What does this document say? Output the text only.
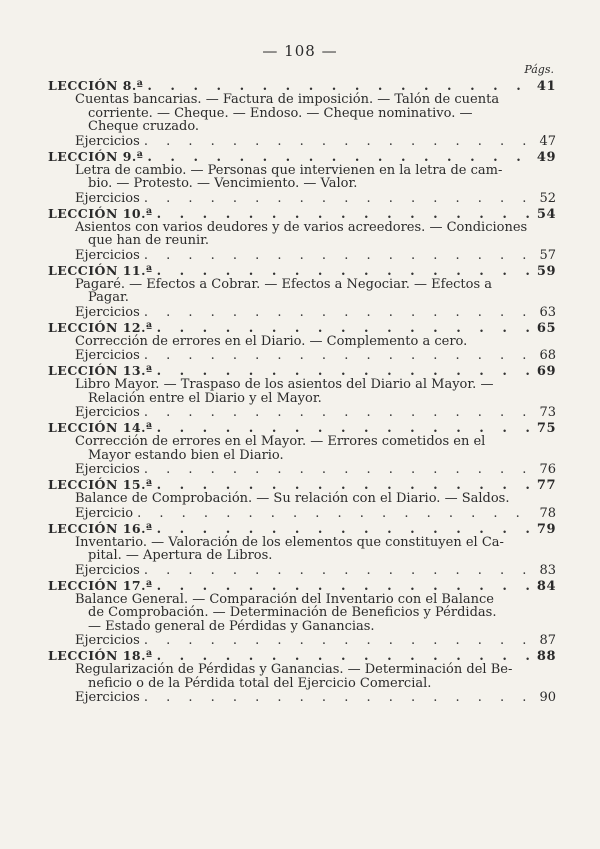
— 108 —
Págs.
LECCIÓN 8.ª . . .	41
Cuentas bancarias. — Factura de imposición. — Talón de cuenta
corriente. — Cheque. — Endoso. — Cheque nominativo. —
Cheque cruzado.
Ejercicios . . .	47
LECCIÓN 9.ª . . .	49
Letra de cambio. — Personas que intervienen en la letra de cam-
bio. — Protesto. — Vencimiento. — Valor.
Ejercicios . . .	52
LECCIÓN 10.ª . . .	54
Asientos con varios deudores y de varios acreedores. — Condiciones
que han de reunir.
Ejercicios . . .	57
LECCIÓN 11.ª . . .	59
Pagaré. — Efectos a Cobrar. — Efectos a Negociar. — Efectos a
Pagar.
Ejercicios . . .	63
LECCIÓN 12.ª . . .	65
Corrección de errores en el Diario. — Complemento a cero.
Ejercicios . . .	68
LECCIÓN 13.ª . . .	69
Libro Mayor. — Traspaso de los asientos del Diario al Mayor. —
Relación entre el Diario y el Mayor.
Ejercicios . . .	73
LECCIÓN 14.ª . . .	75
Corrección de errores en el Mayor. — Errores cometidos en el
Mayor estando bien el Diario.
Ejercicios . . .	76
LECCIÓN 15.ª . . .	77
Balance de Comprobación. — Su relación con el Diario. — Saldos.
Ejercicio . . .	78
LECCIÓN 16.ª . . .	79
Inventario. — Valoración de los elementos que constituyen el Ca-
pital. — Apertura de Libros.
Ejercicios . . .	83
LECCIÓN 17.ª . . .	84
Balance General. — Comparación del Inventario con el Balance
de Comprobación. — Determinación de Beneficios y Pérdidas.
— Estado general de Pérdidas y Ganancias.
Ejercicios . . .	87
LECCIÓN 18.ª . . .	88
Regularización de Pérdidas y Ganancias. — Determinación del Be-
neficio o de la Pérdida total del Ejercicio Comercial.
Ejercicios . . .	90
